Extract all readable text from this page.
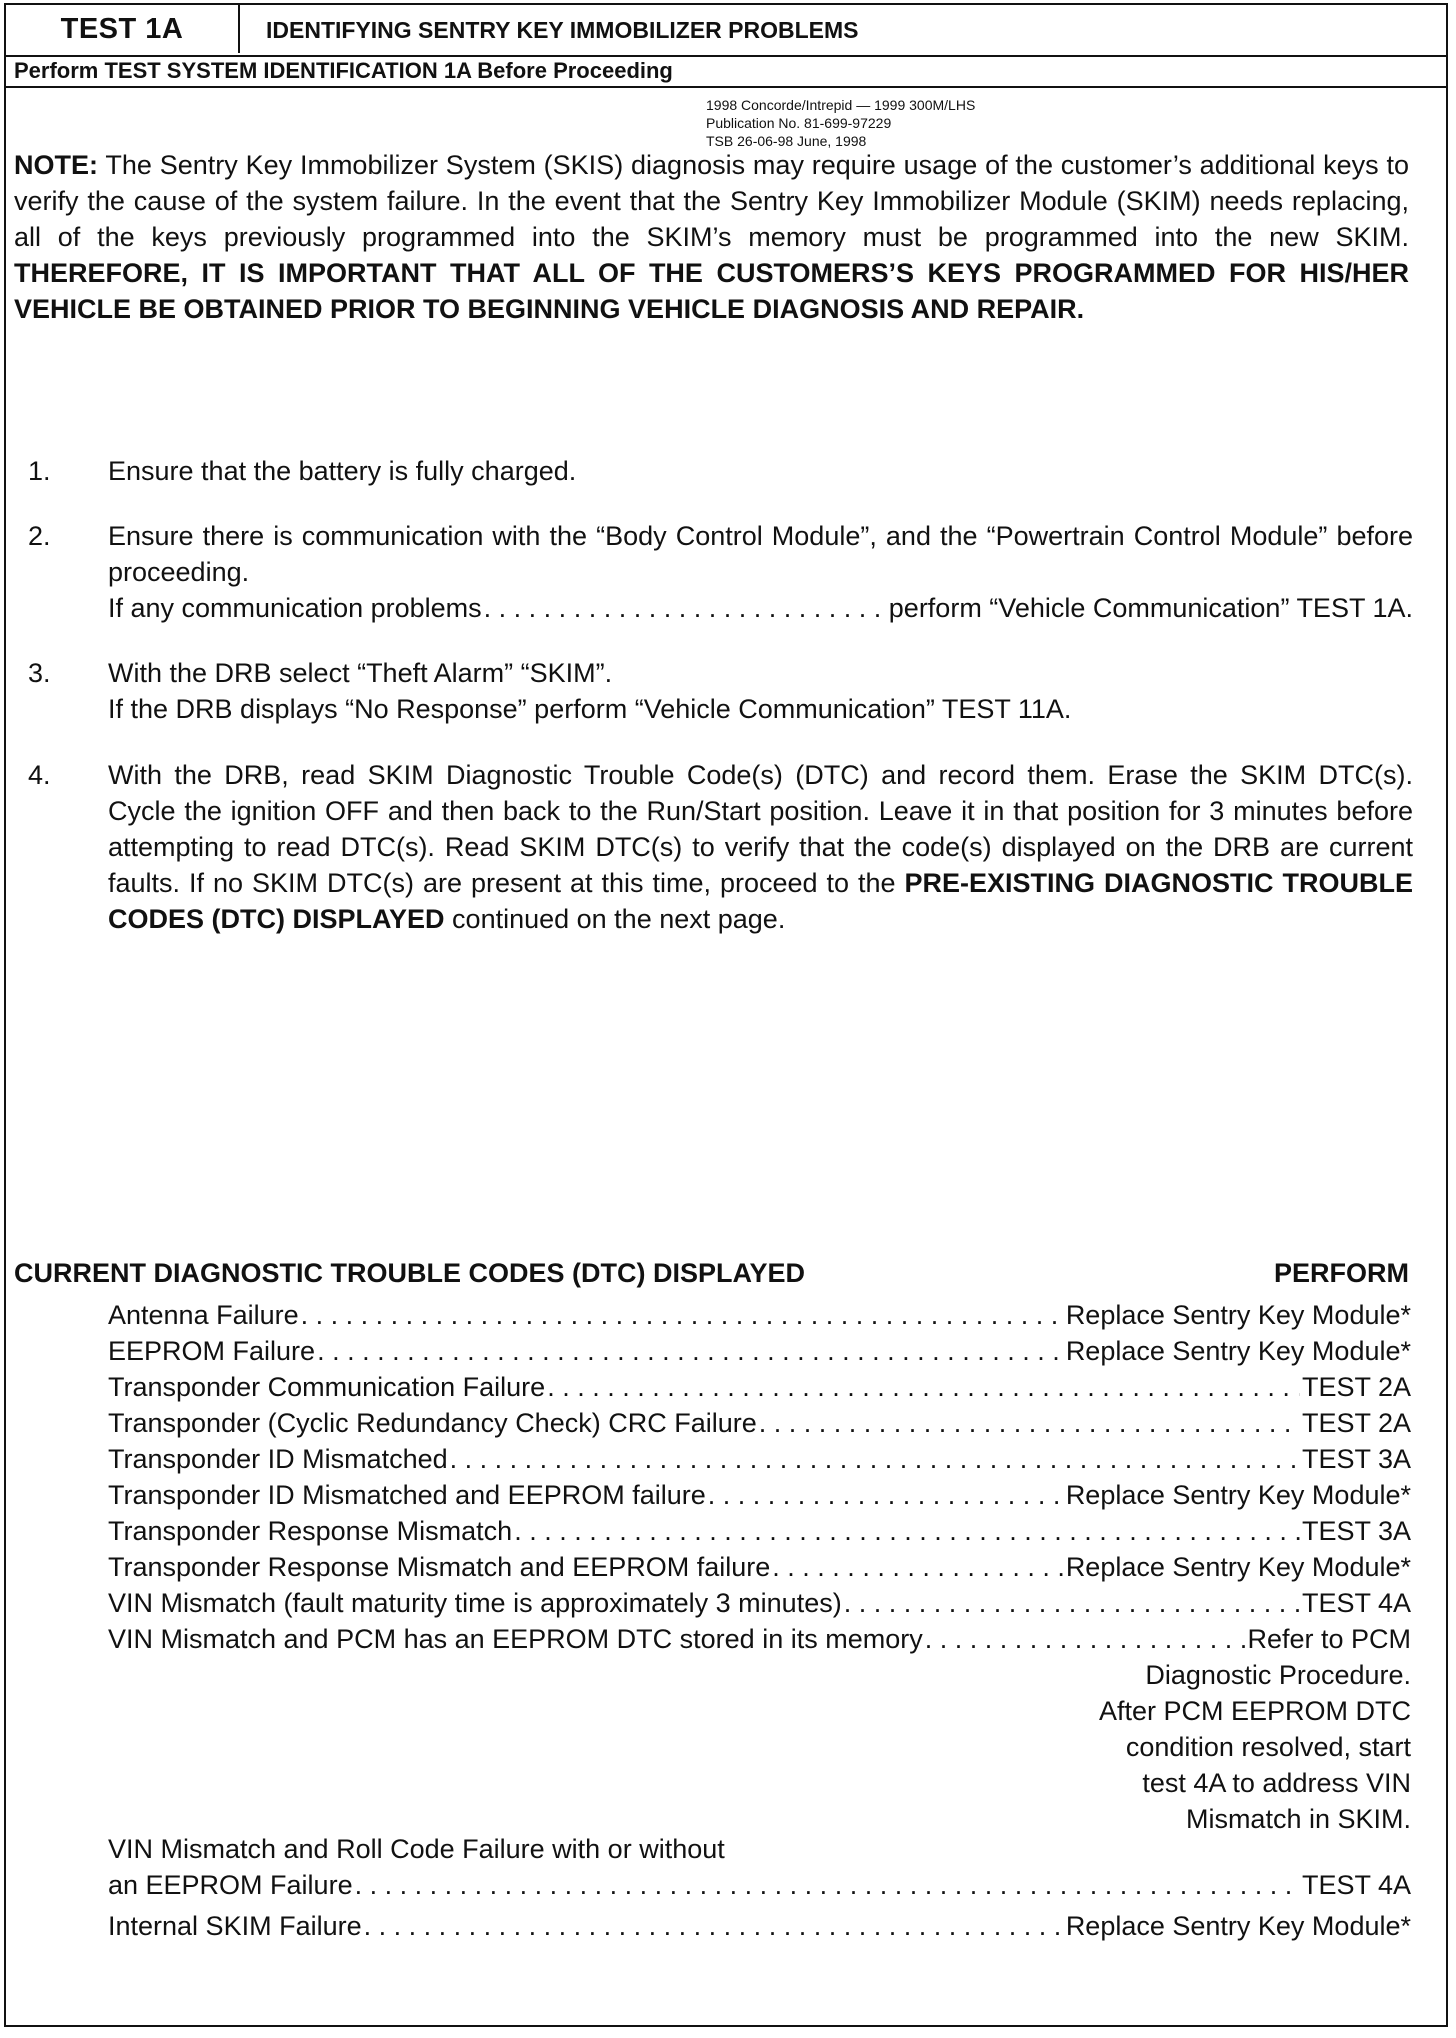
TEST 1A	IDENTIFYING SENTRY KEY IMMOBILIZER PROBLEMS
Perform TEST SYSTEM IDENTIFICATION 1A Before Proceeding
1998 Concorde/Intrepid — 1999 300M/LHS
Publication No. 81-699-97229
TSB 26-06-98 June, 1998
NOTE: The Sentry Key Immobilizer System (SKIS) diagnosis may require usage of the customer’s additional keys to verify the cause of the system failure. In the event that the Sentry Key Immobilizer Module (SKIM) needs replacing, all of the keys previously programmed into the SKIM’s memory must be programmed into the new SKIM. THEREFORE, IT IS IMPORTANT THAT ALL OF THE CUSTOMERS’S KEYS PROGRAMMED FOR HIS/HER VEHICLE BE OBTAINED PRIOR TO BEGINNING VEHICLE DIAGNOSIS AND REPAIR.
1.	Ensure that the battery is fully charged.
2.	Ensure there is communication with the “Body Control Module”, and the “Powertrain Control Module” before proceeding.
If any communication problems . . .	perform “Vehicle Communication” TEST 1A.
3.	With the DRB select “Theft Alarm” “SKIM”.
If the DRB displays “No Response” perform “Vehicle Communication” TEST 11A.
4.	With the DRB, read SKIM Diagnostic Trouble Code(s) (DTC) and record them. Erase the SKIM DTC(s). Cycle the ignition OFF and then back to the Run/Start position. Leave it in that position for 3 minutes before attempting to read DTC(s). Read SKIM DTC(s) to verify that the code(s) displayed on the DRB are current faults. If no SKIM DTC(s) are present at this time, proceed to the PRE-EXISTING DIAGNOSTIC TROUBLE CODES (DTC) DISPLAYED continued on the next page.
CURRENT DIAGNOSTIC TROUBLE CODES (DTC) DISPLAYED	PERFORM
Antenna Failure . . .	Replace Sentry Key Module*
EEPROM Failure . . .	Replace Sentry Key Module*
Transponder Communication Failure . . .	TEST 2A
Transponder (Cyclic Redundancy Check) CRC Failure . . .	TEST 2A
Transponder ID Mismatched . . .	TEST 3A
Transponder ID Mismatched and EEPROM failure . . .	Replace Sentry Key Module*
Transponder Response Mismatch . . .	TEST 3A
Transponder Response Mismatch and EEPROM failure . . .	Replace Sentry Key Module*
VIN Mismatch (fault maturity time is approximately 3 minutes) . . .	TEST 4A
VIN Mismatch and PCM has an EEPROM DTC stored in its memory . . .	Refer to PCM
Diagnostic Procedure.
After PCM EEPROM DTC
condition resolved, start
test 4A to address VIN
Mismatch in SKIM.
VIN Mismatch and Roll Code Failure with or without
an EEPROM Failure . . .	TEST 4A
Internal SKIM Failure . . .	Replace Sentry Key Module*
